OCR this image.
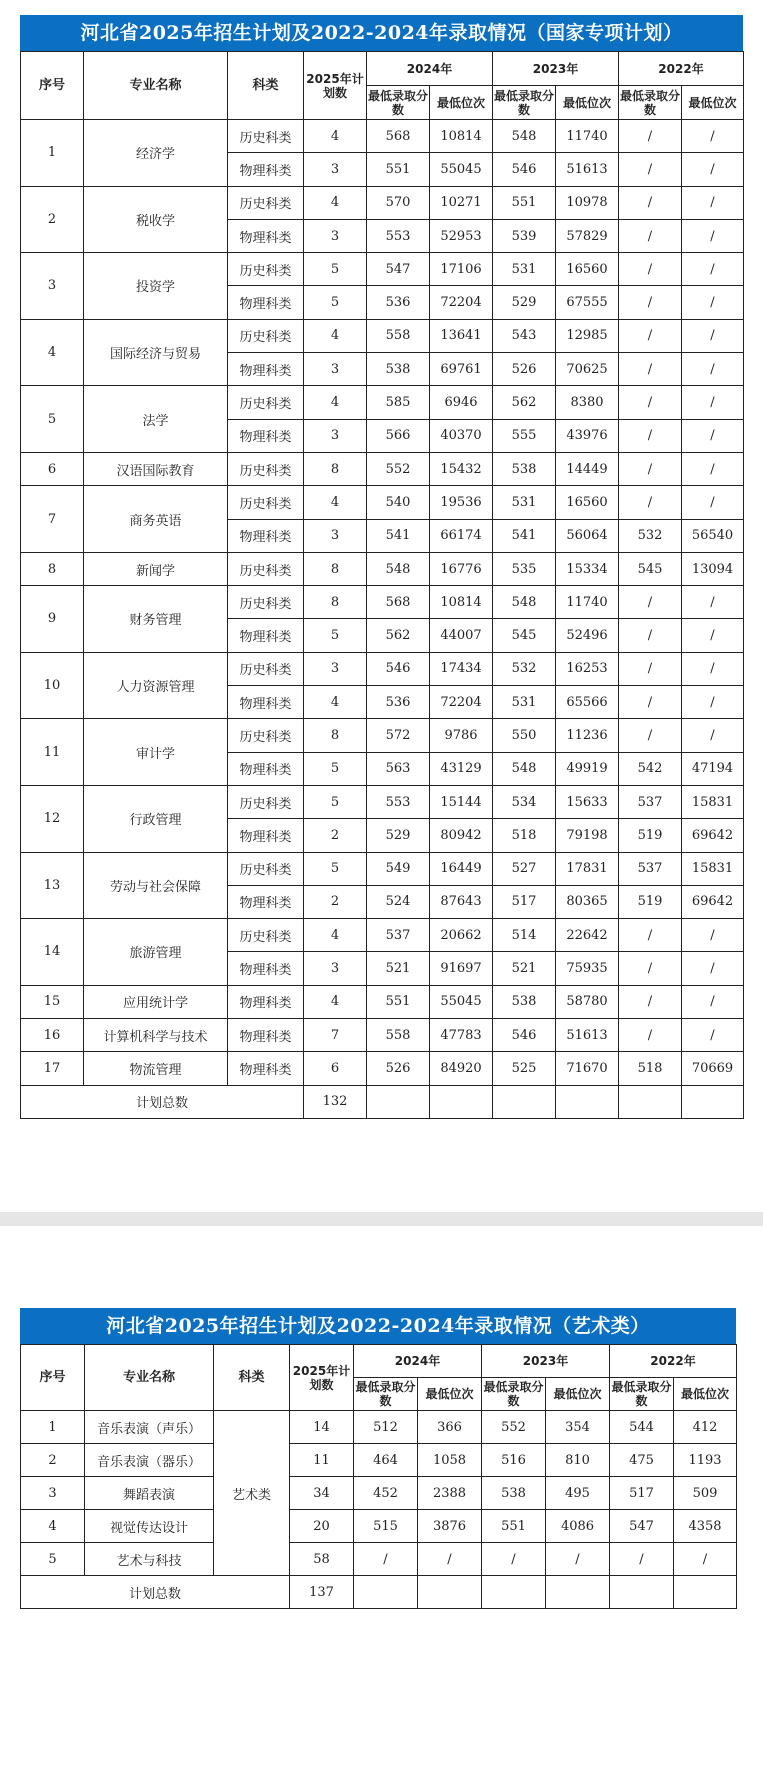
河北省2025年招生计划及2022-2024年录取情况（国家专项计划）
序号	专业名称	科类	2025年计划数	2024年		2023年		2022年	
				最低录取分数	最低位次	最低录取分数	最低位次	最低录取分数	最低位次
1	经济学	历史科类	4	568	10814	548	11740	/	/
		物理科类	3	551	55045	546	51613	/	/
2	税收学	历史科类	4	570	10271	551	10978	/	/
		物理科类	3	553	52953	539	57829	/	/
3	投资学	历史科类	5	547	17106	531	16560	/	/
		物理科类	5	536	72204	529	67555	/	/
4	国际经济与贸易	历史科类	4	558	13641	543	12985	/	/
		物理科类	3	538	69761	526	70625	/	/
5	法学	历史科类	4	585	6946	562	8380	/	/
		物理科类	3	566	40370	555	43976	/	/
6	汉语国际教育	历史科类	8	552	15432	538	14449	/	/
7	商务英语	历史科类	4	540	19536	531	16560	/	/
		物理科类	3	541	66174	541	56064	532	56540
8	新闻学	历史科类	8	548	16776	535	15334	545	13094
9	财务管理	历史科类	8	568	10814	548	11740	/	/
		物理科类	5	562	44007	545	52496	/	/
10	人力资源管理	历史科类	3	546	17434	532	16253	/	/
		物理科类	4	536	72204	531	65566	/	/
11	审计学	历史科类	8	572	9786	550	11236	/	/
		物理科类	5	563	43129	548	49919	542	47194
12	行政管理	历史科类	5	553	15144	534	15633	537	15831
		物理科类	2	529	80942	518	79198	519	69642
13	劳动与社会保障	历史科类	5	549	16449	527	17831	537	15831
		物理科类	2	524	87643	517	80365	519	69642
14	旅游管理	历史科类	4	537	20662	514	22642	/	/
		物理科类	3	521	91697	521	75935	/	/
15	应用统计学	物理科类	4	551	55045	538	58780	/	/
16	计算机科学与技术	物理科类	7	558	47783	546	51613	/	/
17	物流管理	物理科类	6	526	84920	525	71670	518	70669
计划总数			132						
河北省2025年招生计划及2022-2024年录取情况（艺术类）
序号	专业名称	科类	2025年计划数	2024年		2023年		2022年	
				最低录取分数	最低位次	最低录取分数	最低位次	最低录取分数	最低位次
1	音乐表演（声乐）	艺术类	14	512	366	552	354	544	412
2	音乐表演（器乐）		11	464	1058	516	810	475	1193
3	舞蹈表演		34	452	2388	538	495	517	509
4	视觉传达设计		20	515	3876	551	4086	547	4358
5	艺术与科技		58	/	/	/	/	/	/
计划总数			137						
